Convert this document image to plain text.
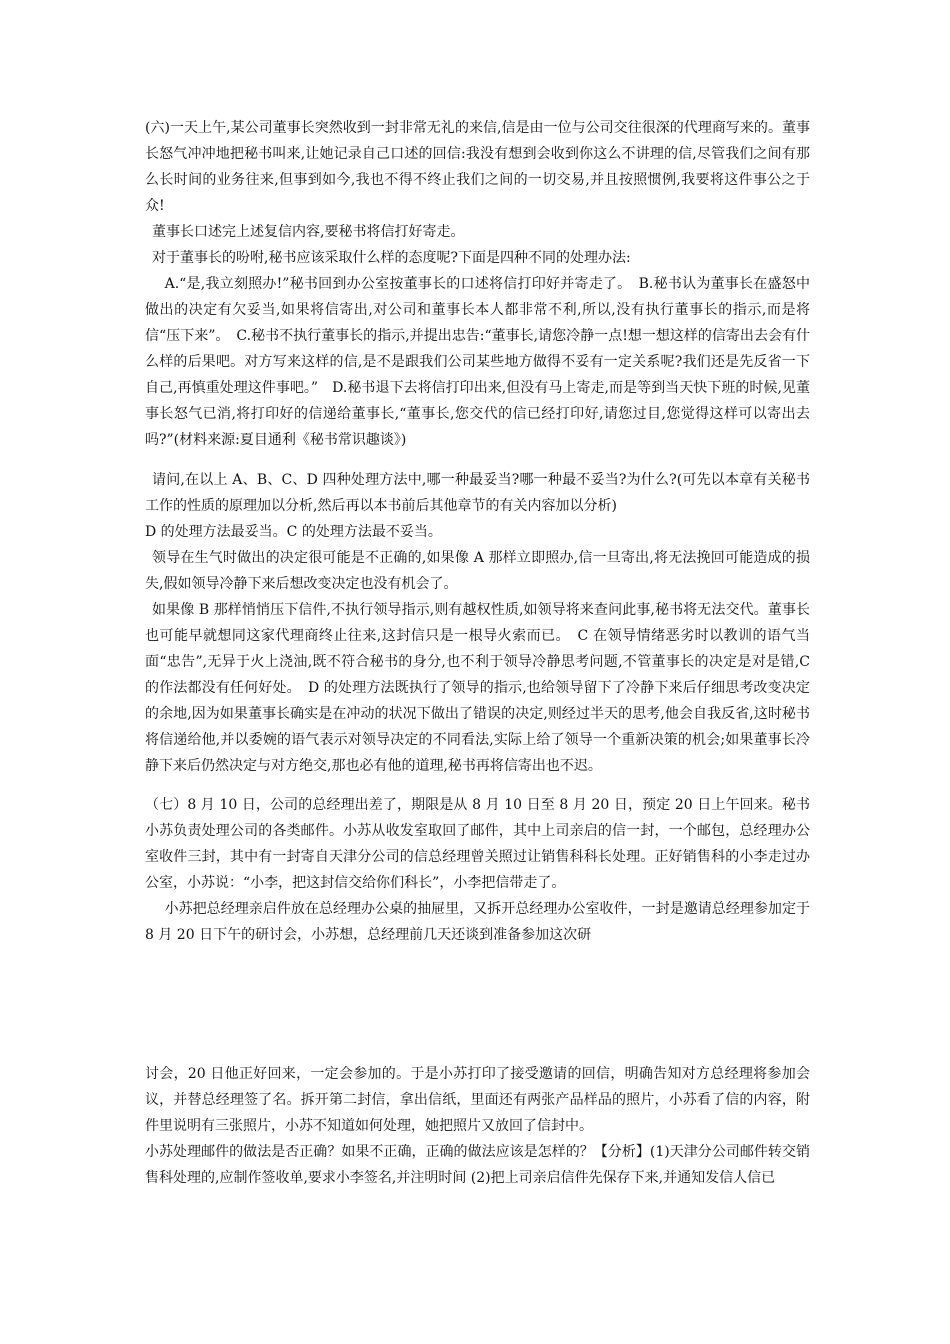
(六)一天上午,某公司董事长突然收到一封非常无礼的来信,信是由一位与公司交往很深的代理商写来的。董事长怒气冲冲地把秘书叫来,让她记录自己口述的回信:我没有想到会收到你这么不讲理的信,尽管我们之间有那么长时间的业务往来,但事到如今,我也不得不终止我们之间的一切交易,并且按照惯例,我要将这件事公之于众!

董事长口述完上述复信内容,要秘书将信打好寄走。

对于董事长的吩咐,秘书应该采取什么样的态度呢?下面是四种不同的处理办法:

A.“是,我立刻照办!”秘书回到办公室按董事长的口述将信打印好并寄走了。　B.秘书认为董事长在盛怒中做出的决定有欠妥当,如果将信寄出,对公司和董事长本人都非常不利,所以,没有执行董事长的指示,而是将信“压下来”。　C.秘书不执行董事长的指示,并提出忠告:“董事长,请您冷静一点!想一想这样的信寄出去会有什么样的后果吧。对方写来这样的信,是不是跟我们公司某些地方做得不妥有一定关系呢?我们还是先反省一下自己,再慎重处理这件事吧。”　D.秘书退下去将信打印出来,但没有马上寄走,而是等到当天快下班的时候,见董事长怒气已消,将打印好的信递给董事长,“董事长,您交代的信已经打印好,请您过目,您觉得这样可以寄出去吗?”(材料来源:夏目通利《秘书常识趣谈》)

请问,在以上 A、B、C、D 四种处理方法中,哪一种最妥当?哪一种最不妥当?为什么?(可先以本章有关秘书工作的性质的原理加以分析,然后再以本书前后其他章节的有关内容加以分析)

D 的处理方法最妥当。C 的处理方法最不妥当。

领导在生气时做出的决定很可能是不正确的,如果像 A 那样立即照办,信一旦寄出,将无法挽回可能造成的损失,假如领导冷静下来后想改变决定也没有机会了。

如果像 B 那样悄悄压下信件,不执行领导指示,则有越权性质,如领导将来查问此事,秘书将无法交代。董事长也可能早就想同这家代理商终止往来,这封信只是一根导火索而已。　C 在领导情绪恶劣时以教训的语气当面“忠告”,无异于火上浇油,既不符合秘书的身分,也不利于领导冷静思考问题,不管董事长的决定是对是错,C 的作法都没有任何好处。　D 的处理方法既执行了领导的指示,也给领导留下了冷静下来后仔细思考改变决定的余地,因为如果董事长确实是在冲动的状况下做出了错误的决定,则经过半天的思考,他会自我反省,这时秘书将信递给他,并以委婉的语气表示对领导决定的不同看法,实际上给了领导一个重新决策的机会;如果董事长冷静下来后仍然决定与对方绝交,那也必有他的道理,秘书再将信寄出也不迟。

（七）8 月 10 日，公司的总经理出差了，期限是从 8 月 10 日至 8 月 20 日，预定 20 日上午回来。秘书小苏负责处理公司的各类邮件。小苏从收发室取回了邮件，其中上司亲启的信一封，一个邮包，总经理办公室收件三封，其中有一封寄自天津分公司的信总经理曾关照过让销售科科长处理。正好销售科的小李走过办公室，小苏说：“小李，把这封信交给你们科长”，小李把信带走了。

小苏把总经理亲启件放在总经理办公桌的抽屉里，又拆开总经理办公室收件，一封是邀请总经理参加定于 8 月 20 日下午的研讨会，小苏想，总经理前几天还谈到准备参加这次研

讨会，20 日他正好回来，一定会参加的。于是小苏打印了接受邀请的回信，明确告知对方总经理将参加会议，并替总经理签了名。拆开第二封信，拿出信纸，里面还有两张产品样品的照片，小苏看了信的内容，附件里说明有三张照片，小苏不知道如何处理，她把照片又放回了信封中。

小苏处理邮件的做法是否正确？如果不正确，正确的做法应该是怎样的？【分析】(1)天津分公司邮件转交销售科处理的,应制作签收单,要求小李签名,并注明时间 (2)把上司亲启信件先保存下来,并通知发信人信已
